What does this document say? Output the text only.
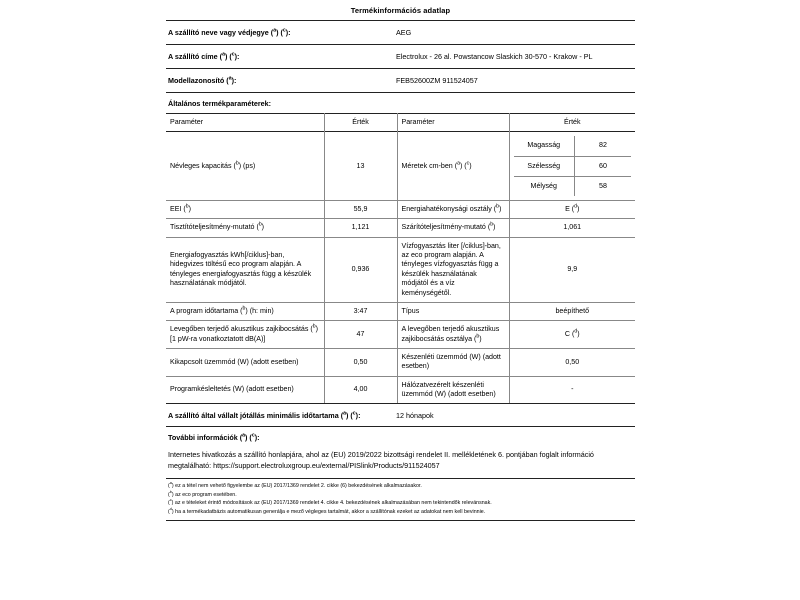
Termékinformációs adatlap
A szállító neve vagy védjegye ($^a$) ($^c$):	AEG
A szállító címe ($^a$) ($^c$):	Electrolux - 26 al. Powstancow Slaskich 30-570 - Krakow - PL
Modellazonosító ($^a$):	FEB52600ZM 911524057
Általános termékparaméterek:
Paraméter	Érték	Paraméter	Érték
Névleges kapacitás ($^b$) (ps)	13	Méretek cm-ben ($^a$) ($^c$)	
Magasság	82
Szélesség	60
Mélység	58

EEI ($^b$)	55,9	Energiahatékonysági osztály ($^b$)	E ($^d$)
Tisztítóteljesítmény-mutató ($^b$)	1,121	Szárítóteljesítmény-mutató ($^b$)	1,061
Energiafogyasztás kWh[/ciklus]-ban, hidegvizes töltésű eco program alapján. A tényleges energiafogyasztás függ a készülék használatának módjától.	0,936	Vízfogyasztás liter [/ciklus]-ban, az eco program alapján. A tényleges vízfogyasztás függ a készülék használatának módjától és a víz keménységétől.	9,9
A program időtartama ($^b$) (h: min)	3:47	Típus	beépíthető
Levegőben terjedő akusztikus zajkibocsátás ($^b$) [1 pW-ra vonatkoztatott dB(A)]	47	A levegőben terjedő akusztikus zajkibocsátás osztálya ($^b$)	C ($^d$)
Kikapcsolt üzemmód (W) (adott esetben)	0,50	Készenléti üzemmód (W) (adott esetben)	0,50
Programkésleltetés (W) (adott esetben)	4,00	Hálózatvezérelt készenléti üzemmód (W) (adott esetben)	-
A szállító által vállalt jótállás minimális időtartama ($^a$) ($^c$):	12 hónapok
További információk ($^a$) ($^c$):
Internetes hivatkozás a szállító honlapjára, ahol az (EU) 2019/2022 bizottsági rendelet II. mellékletének 6. pontjában foglalt információ megtalálható: https://support.electroluxgroup.eu/external/PISlink/Products/911524057
($^a$) ez a tétel nem vehető figyelembe az (EU) 2017/1369 rendelet 2. cikke (6) bekezdésének alkalmazásakor.
($^b$) az eco program esetében.
($^c$) az e tételeket érintő módosítások az (EU) 2017/1369 rendelet 4. cikke 4. bekezdésének alkalmazásában nem tekintendők relevánsnak.
($^d$) ha a termékadatbázis automatikusan generálja e mező végleges tartalmát, akkor a szállítónak ezeket az adatokat nem kell bevinnie.
